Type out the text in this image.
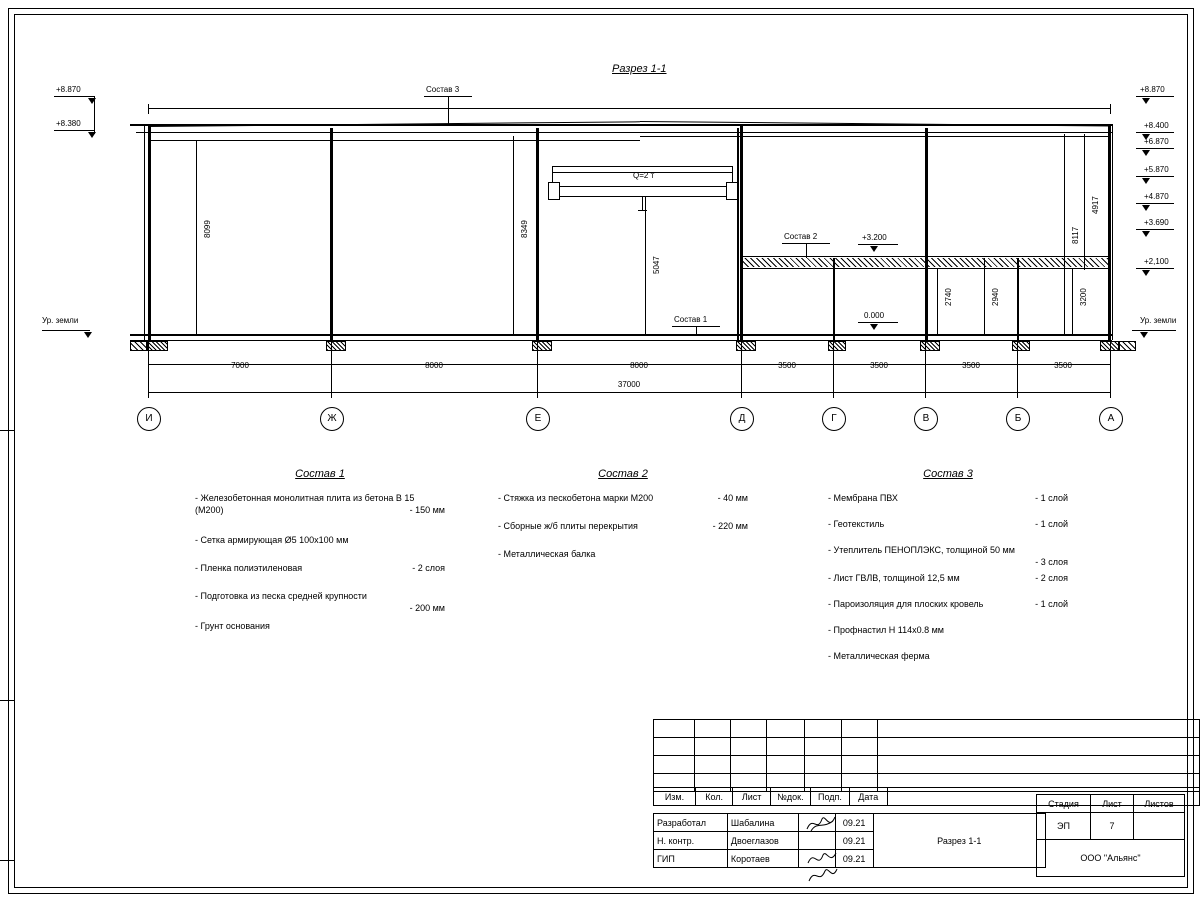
Разрез 1-1
Q=2 т
Ур. земли	Ур. земли
+8.870
+8.380
+8.870
+8.400
+6.870
+5.870
+4.870
+3.690
+2,100
+3.200
0.000
8099	8349
5047
8117
4917
2740	2940	3200
Состав 3
Состав 1
Состав 2
7000	8000	8000	3500	3500	3500	3500
37000
И	Ж	Е	Д	Г	В	Б	А
Состав 1
- Железобетонная монолитная плита из бетона В 15 (М200)	- 150 мм
- Сетка армирующая Ø5 100х100 мм
- Пленка полиэтиленовая	- 2 слоя
- Подготовка из песка средней крупности
- 200 мм
- Грунт основания
Состав 2
- Стяжка из пескобетона марки М200	- 40 мм
- Сборные ж/б плиты перекрытия	- 220 мм
- Металлическая балка
Состав 3
- Мембрана ПВХ	- 1 слой
- Геотекстиль	- 1 слой
- Утеплитель ПЕНОПЛЭКС, толщиной 50 мм
- 3 слоя
- Лист ГВЛВ, толщиной 12,5 мм	- 2 слоя
- Пароизоляция для плоских кровель	- 1 слой
- Профнастил Н 114х0.8 мм
- Металлическая ферма

Изм.	Кол.	Лист	№док.	Подп.	Дата	
Разработал	Шабалина		09.21	Разрез 1-1	
Н. контр.	Двоеглазов		09.21		
ГИП	Коротаев		09.21		
Стадия	Лист	Листов
ЭП	7	
ООО "Альянс"		
